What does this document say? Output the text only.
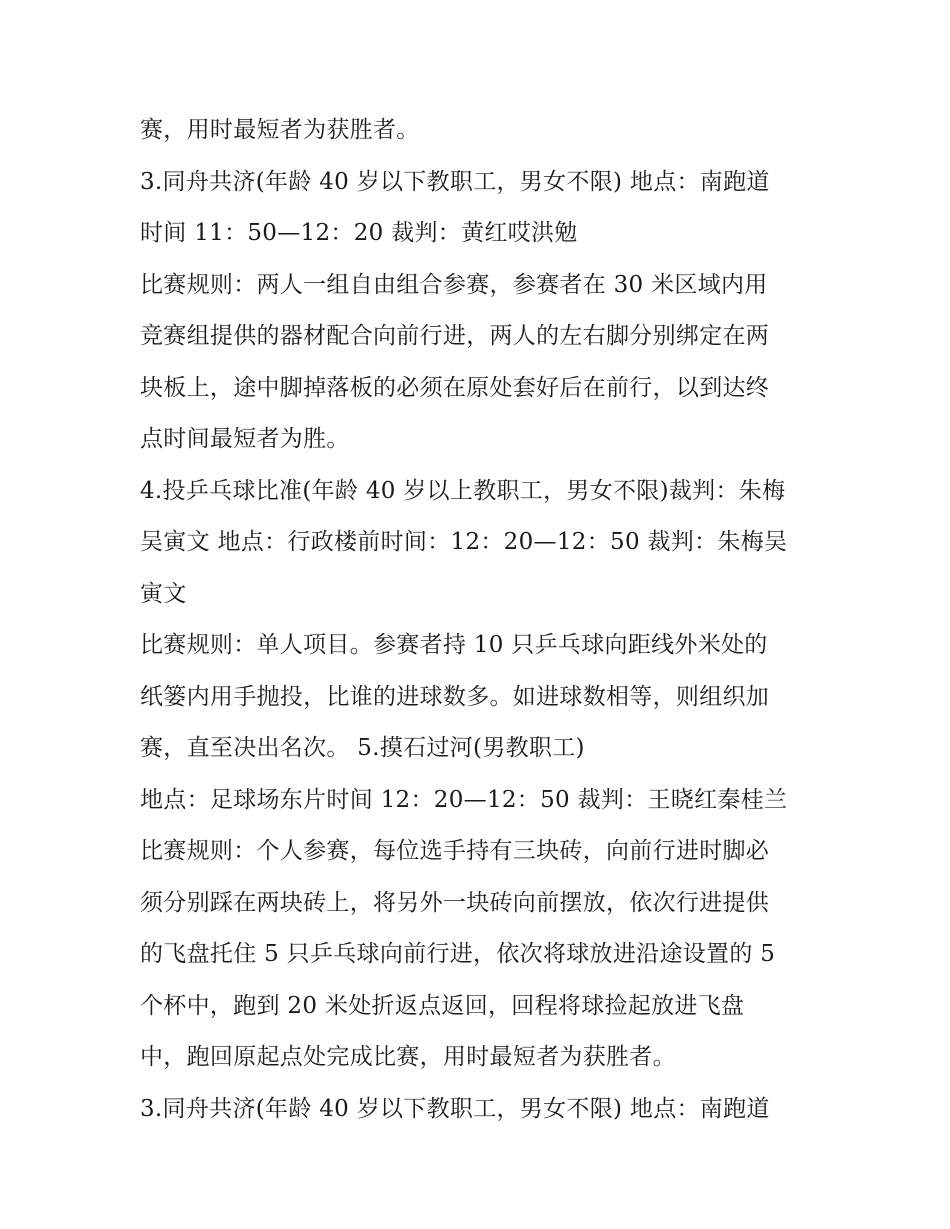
赛，用时最短者为获胜者。
3.同舟共济(年龄 40 岁以下教职工，男女不限) 地点：南跑道
时间 11：50—12：20 裁判：黄红哎洪勉
比赛规则：两人一组自由组合参赛，参赛者在 30 米区域内用
竞赛组提供的器材配合向前行进，两人的左右脚分别绑定在两
块板上，途中脚掉落板的必须在原处套好后在前行，以到达终
点时间最短者为胜。
4.投乒乓球比准(年龄 40 岁以上教职工，男女不限)裁判：朱梅
吴寅文 地点：行政楼前时间：12：20—12：50 裁判：朱梅吴
寅文
比赛规则：单人项目。参赛者持 10 只乒乓球向距线外米处的
纸篓内用手抛投，比谁的进球数多。如进球数相等，则组织加
赛，直至决出名次。 5.摸石过河(男教职工)
地点：足球场东片时间 12：20—12：50 裁判：王晓红秦桂兰
比赛规则：个人参赛，每位选手持有三块砖，向前行进时脚必
须分别踩在两块砖上，将另外一块砖向前摆放，依次行进提供
的飞盘托住 5 只乒乓球向前行进，依次将球放进沿途设置的 5
个杯中，跑到 20 米处折返点返回，回程将球捡起放进飞盘
中，跑回原起点处完成比赛，用时最短者为获胜者。
3.同舟共济(年龄 40 岁以下教职工，男女不限) 地点：南跑道
